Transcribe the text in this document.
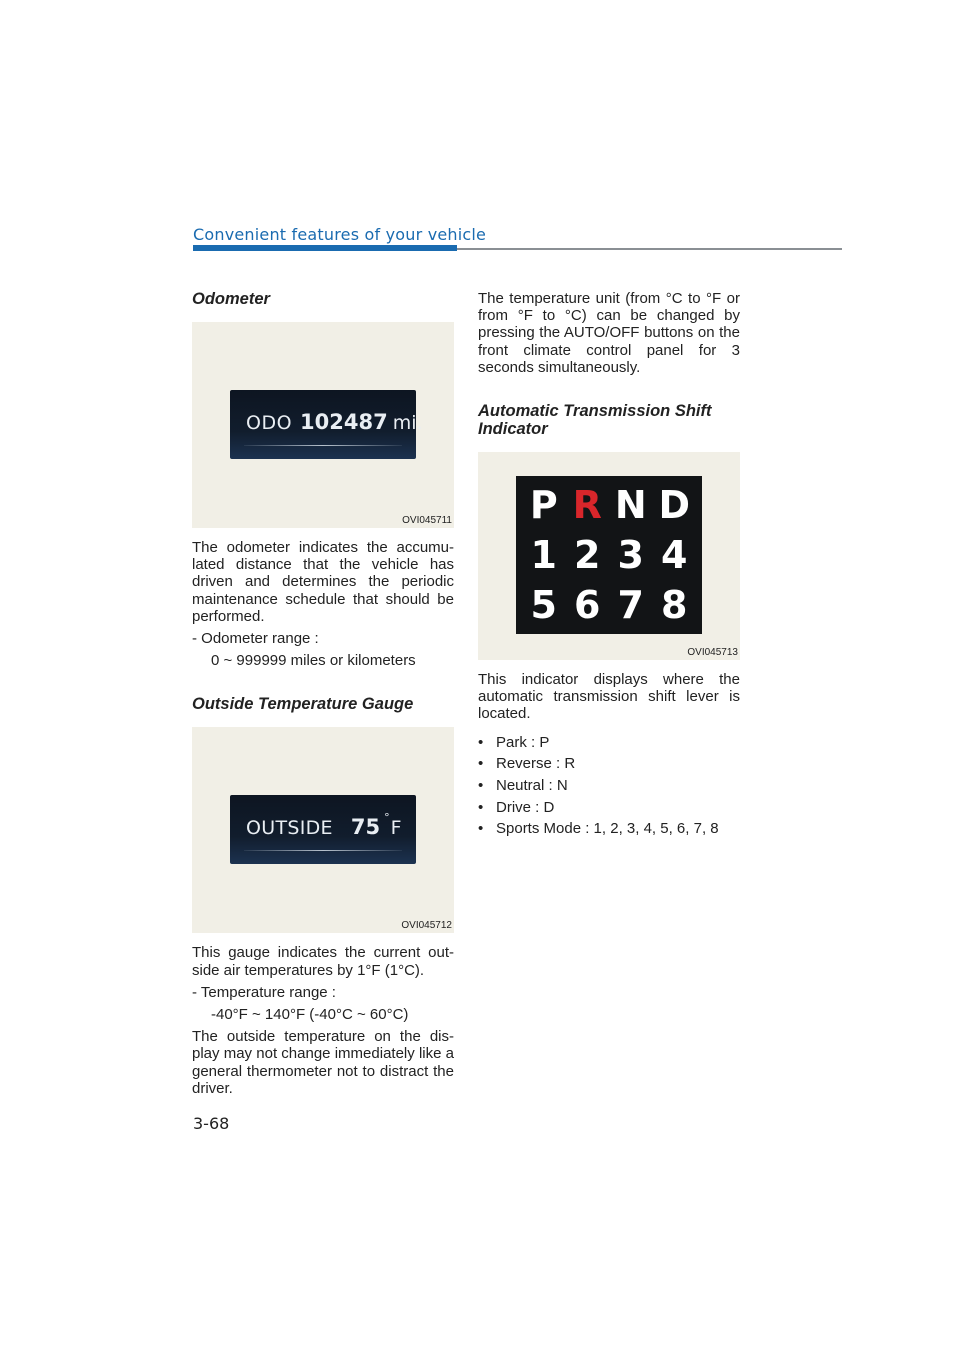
Convenient features of your vehicle
Odometer
ODO 102487 mi.
OVI045711

The odometer indicates the accumu-lated distance that the vehicle has driven and determines the periodic maintenance schedule that should be performed.

- Odometer range :
0 ~ 999999 miles or kilometers
Outside Temperature Gauge
OUTSIDE 75 ° F
OVI045712

This gauge indicates the current out-side air temperatures by 1°F (1°C).

- Temperature range :
-40°F ~ 140°F (-40°C ~ 60°C)

The outside temperature on the dis-play may not change immediately like a general thermometer not to distract the driver.

The temperature unit (from °C to °F or from °F to °C) can be changed by pressing the AUTO/OFF buttons on the front climate control panel for 3 seconds simultaneously.

Automatic Transmission Shift
Indicator
P R N D
1 2 3 4
5 6 7 8
OVI045713

This indicator displays where the automatic transmission shift lever is located.

• Park : P
• Reverse : R
• Neutral : N
• Drive : D
• Sports Mode : 1, 2, 3, 4, 5, 6, 7, 8
3-68
